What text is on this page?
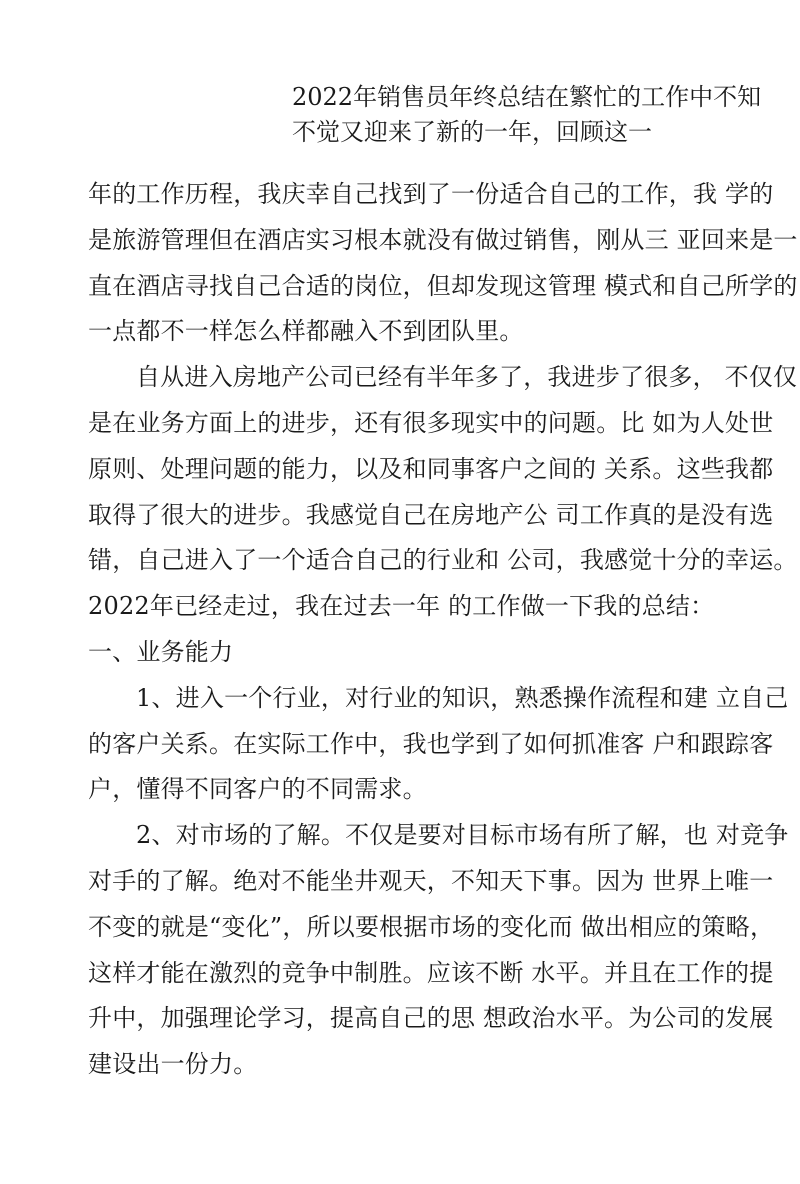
2022年销售员年终总结在繁忙的工作中不知
不觉又迎来了新的一年，回顾这一
年的工作历程，我庆幸自己找到了一份适合自己的工作，我 学的
是旅游管理但在酒店实习根本就没有做过销售，刚从三 亚回来是一
直在酒店寻找自己合适的岗位，但却发现这管理 模式和自己所学的
一点都不一样怎么样都融入不到团队里。
自从进入房地产公司已经有半年多了，我进步了很多， 不仅仅
是在业务方面上的进步，还有很多现实中的问题。比 如为人处世
原则、处理问题的能力，以及和同事客户之间的 关系。这些我都
取得了很大的进步。我感觉自己在房地产公 司工作真的是没有选
错，自己进入了一个适合自己的行业和 公司，我感觉十分的幸运。
2022年已经走过，我在过去一年 的工作做一下我的总结：
一、业务能力
1、进入一个行业，对行业的知识，熟悉操作流程和建 立自己
的客户关系。在实际工作中，我也学到了如何抓准客 户和跟踪客
户，懂得不同客户的不同需求。
2、对市场的了解。不仅是要对目标市场有所了解，也 对竞争
对手的了解。绝对不能坐井观天，不知天下事。因为 世界上唯一
不变的就是“变化”，所以要根据市场的变化而 做出相应的策略，
这样才能在激烈的竞争中制胜。应该不断 水平。并且在工作的提
升中，加强理论学习，提高自己的思 想政治水平。为公司的发展
建设出一份力。
